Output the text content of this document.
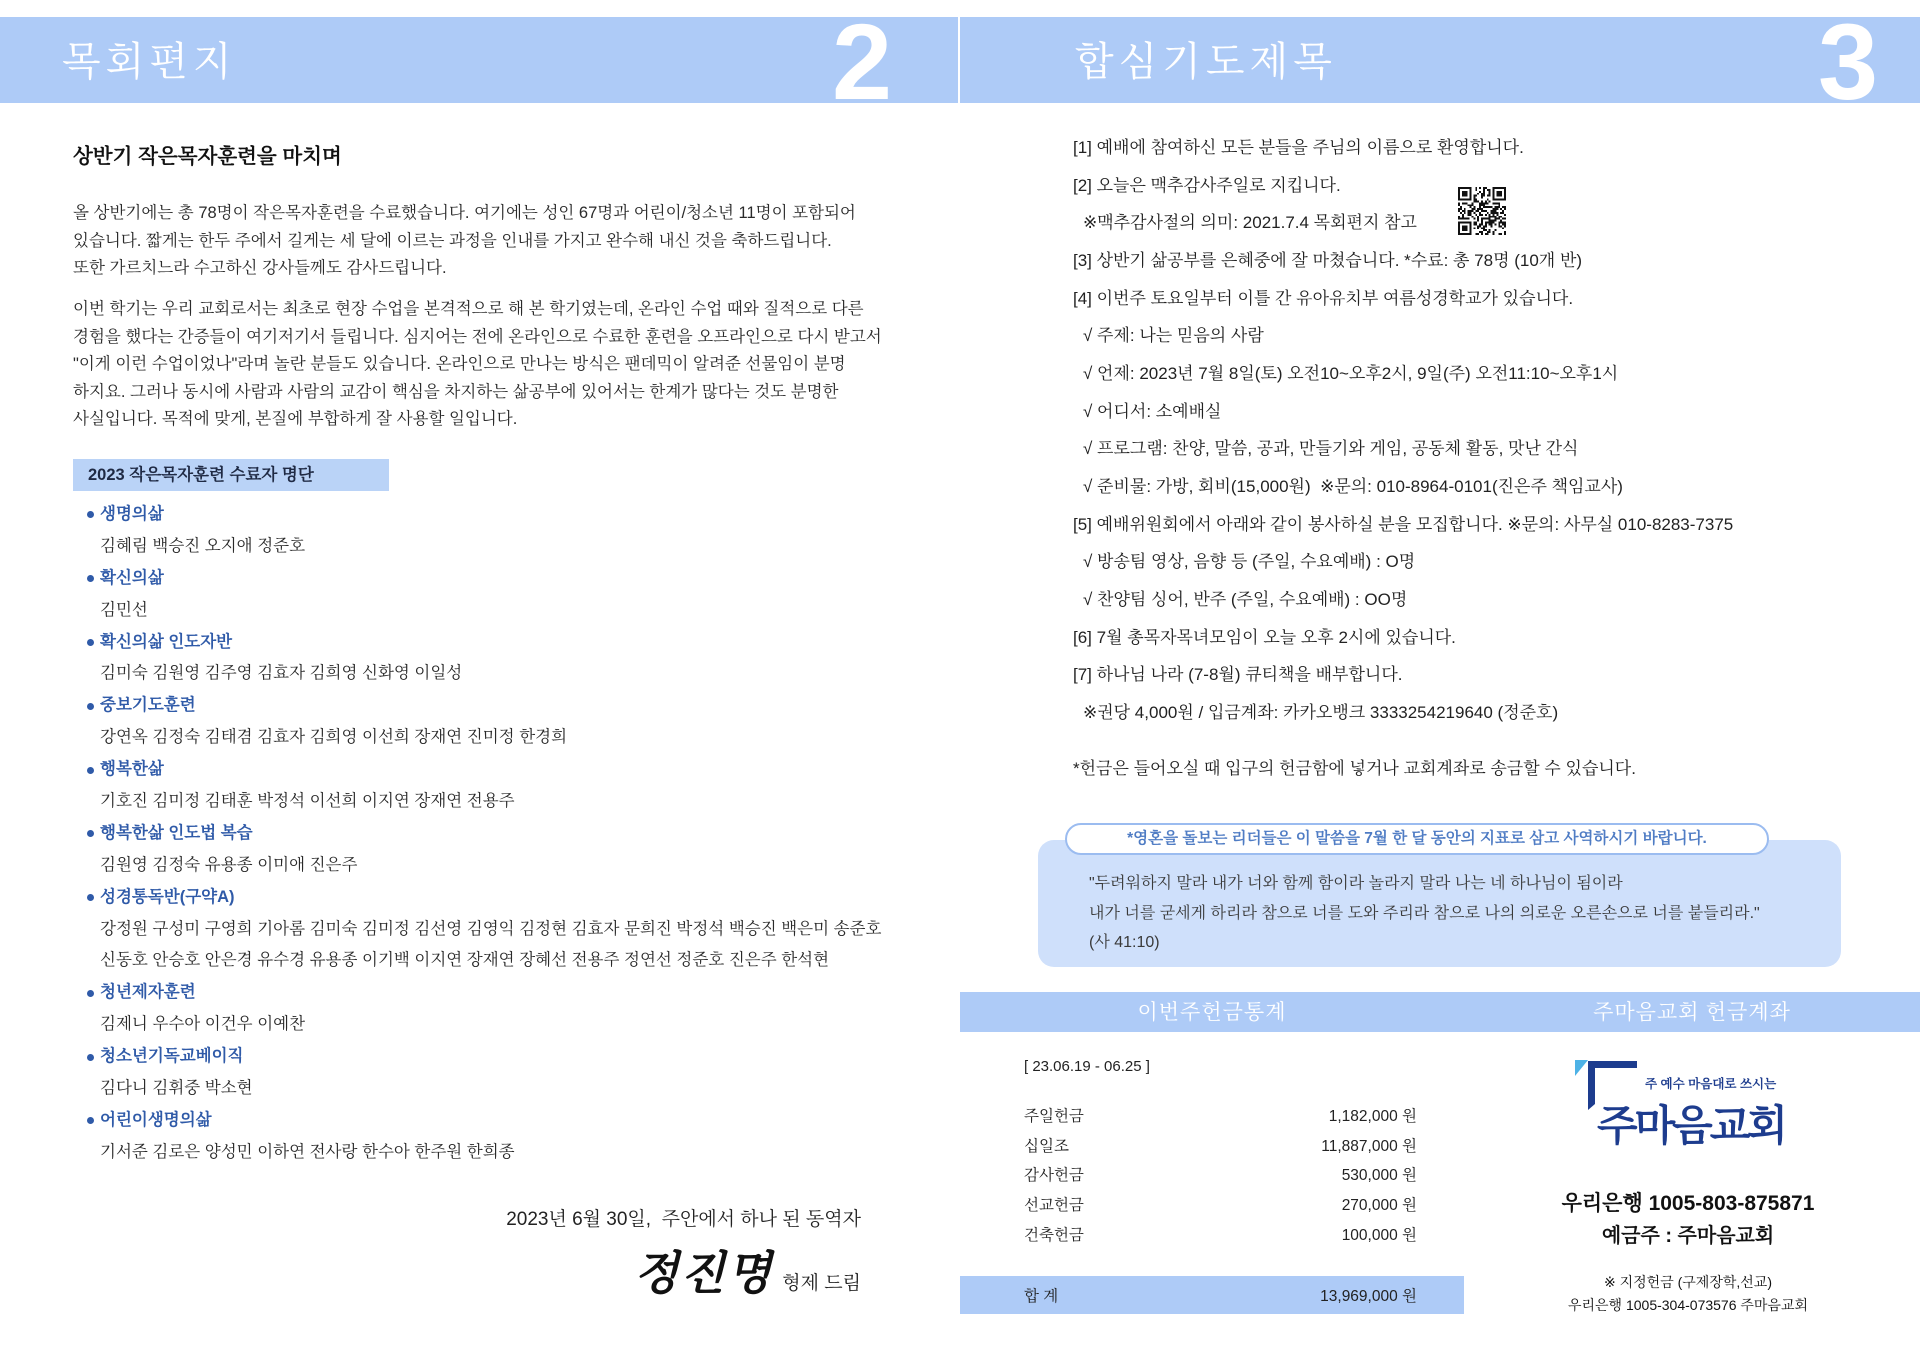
목회편지	2
상반기 작은목자훈련을 마치며
올 상반기에는 총 78명이 작은목자훈련을 수료했습니다. 여기에는 성인 67명과 어린이/청소년 11명이 포함되어
있습니다. 짧게는 한두 주에서 길게는 세 달에 이르는 과정을 인내를 가지고 완수해 내신 것을 축하드립니다.
또한 가르치느라 수고하신 강사들께도 감사드립니다.
이번 학기는 우리 교회로서는 최초로 현장 수업을 본격적으로 해 본 학기였는데, 온라인 수업 때와 질적으로 다른
경험을 했다는 간증들이 여기저기서 들립니다. 심지어는 전에 온라인으로 수료한 훈련을 오프라인으로 다시 받고서
"이게 이런 수업이었나"라며 놀란 분들도 있습니다. 온라인으로 만나는 방식은 팬데믹이 알려준 선물임이 분명
하지요. 그러나 동시에 사람과 사람의 교감이 핵심을 차지하는 삶공부에 있어서는 한계가 많다는 것도 분명한
사실입니다. 목적에 맞게, 본질에 부합하게 잘 사용할 일입니다.
2023 작은목자훈련 수료자 명단
생명의삶
김혜림 백승진 오지애 정준호
확신의삶
김민선
확신의삶 인도자반
김미숙 김원영 김주영 김효자 김희영 신화영 이일성
중보기도훈련
강연옥 김정숙 김태겸 김효자 김희영 이선희 장재연 진미정 한경희
행복한삶
기호진 김미정 김태훈 박정석 이선희 이지연 장재연 전용주
행복한삶 인도법 복습
김원영 김정숙 유용종 이미애 진은주
성경통독반(구약A)
강정원 구성미 구영희 기아롬 김미숙 김미정 김선영 김영익 김정현 김효자 문희진 박정석 백승진 백은미 송준호
신동호 안승호 안은경 유수경 유용종 이기백 이지연 장재연 장혜선 전용주 정연선 정준호 진은주 한석현
청년제자훈련
김제니 우수아 이건우 이예찬
청소년기독교베이직
김다니 김휘중 박소현
어린이생명의삶
기서준 김로은 양성민 이하연 전사랑 한수아 한주원 한희종
2023년 6월 30일,  주안에서 하나 된 동역자
정진명 형제 드림
합심기도제목	3
[1] 예배에 참여하신 모든 분들을 주님의 이름으로 환영합니다.
[2] 오늘은 맥추감사주일로 지킵니다.
※맥추감사절의 의미: 2021.7.4 목회편지 참고
[3] 상반기 삶공부를 은혜중에 잘 마쳤습니다. *수료: 총 78명 (10개 반)
[4] 이번주 토요일부터 이틀 간 유아유치부 여름성경학교가 있습니다.
√ 주제: 나는 믿음의 사람
√ 언제: 2023년 7월 8일(토) 오전10~오후2시, 9일(주) 오전11:10~오후1시
√ 어디서: 소예배실
√ 프로그램: 찬양, 말씀, 공과, 만들기와 게임, 공동체 활동, 맛난 간식
√ 준비물: 가방, 회비(15,000원)  ※문의: 010-8964-0101(진은주 책임교사)
[5] 예배위원회에서 아래와 같이 봉사하실 분을 모집합니다. ※문의: 사무실 010-8283-7375
√ 방송팀 영상, 음향 등 (주일, 수요예배) : O명
√ 찬양팀 싱어, 반주 (주일, 수요예배) : OO명
[6] 7월 총목자목녀모임이 오늘 오후 2시에 있습니다.
[7] 하나님 나라 (7-8월) 큐티책을 배부합니다.
※권당 4,000원 / 입금계좌: 카카오뱅크 3333254219640 (정준호)
*헌금은 들어오실 때 입구의 헌금함에 넣거나 교회계좌로 송금할 수 있습니다.
*영혼을 돌보는 리더들은 이 말씀을 7월 한 달 동안의 지표로 삼고 사역하시기 바랍니다.
"두려워하지 말라 내가 너와 함께 함이라 놀라지 말라 나는 네 하나님이 됨이라
내가 너를 굳세게 하리라 참으로 너를 도와 주리라 참으로 나의 의로운 오른손으로 너를 붙들리라."
(사 41:10)
이번주헌금통계	주마음교회 헌금계좌
[ 23.06.19 - 06.25 ]
주일헌금	1,182,000 원
십일조	11,887,000 원
감사헌금	530,000 원
선교헌금	270,000 원
건축헌금	100,000 원
합 계	13,969,000 원
주 예수 마음대로 쓰시는
주마음교회
우리은행 1005-803-875871
예금주 : 주마음교회
※ 지정헌금 (구제장학,선교)
우리은행 1005-304-073576 주마음교회
